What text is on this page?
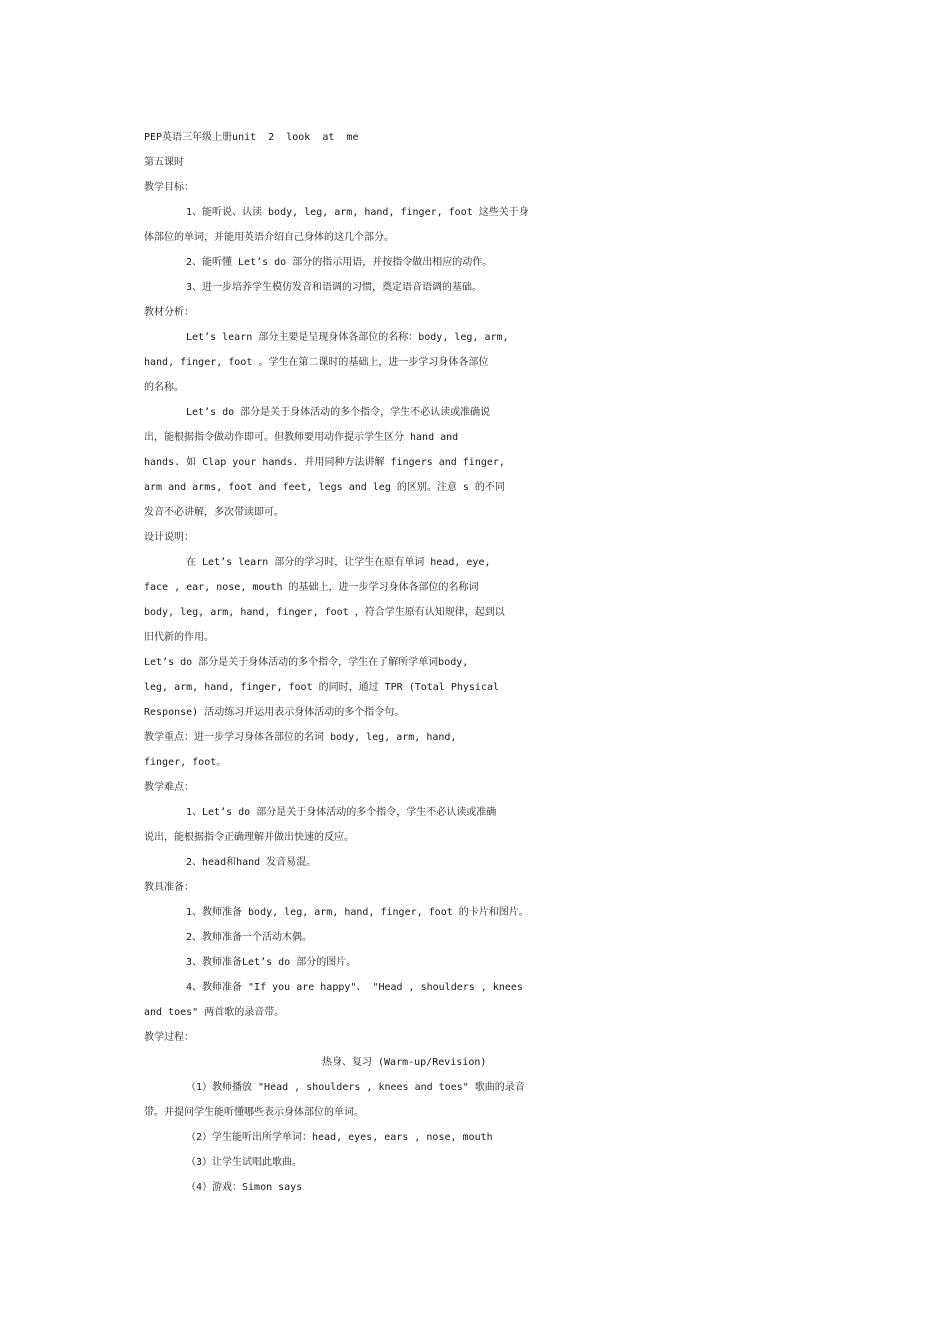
PEP英语三年级上册unit  2  look  at  me
第五课时
教学目标：
1、能听说、认读 body, leg, arm, hand, finger, foot 这些关于身
体部位的单词，并能用英语介绍自己身体的这几个部分。
2、能听懂 Let’s do 部分的指示用语，并按指令做出相应的动作。
3、进一步培养学生模仿发音和语调的习惯，奠定语音语调的基础。
教材分析：
Let’s learn 部分主要是呈现身体各部位的名称：body, leg, arm,
hand, finger, foot 。学生在第二课时的基础上，进一步学习身体各部位
的名称。
Let’s do 部分是关于身体活动的多个指令，学生不必认读或准确说
出，能根据指令做动作即可。但教师要用动作提示学生区分 hand and
hands. 如 Clap your hands. 并用同种方法讲解 fingers and finger,
arm and arms, foot and feet, legs and leg 的区别。注意 s 的不同
发音不必讲解，多次带读即可。
设计说明：
在 Let’s learn 部分的学习时，让学生在原有单词 head, eye,
face , ear, nose, mouth 的基础上，进一步学习身体各部位的名称词
body, leg, arm, hand, finger, foot ，符合学生原有认知规律，起到以
旧代新的作用。
Let’s do 部分是关于身体活动的多个指令，学生在了解所学单词body,
leg, arm, hand, finger, foot 的同时，通过 TPR (Total Physical
Response) 活动练习并运用表示身体活动的多个指令句。
教学重点：进一步学习身体各部位的名词 body, leg, arm, hand,
finger, foot。
教学难点：
1、Let’s do 部分是关于身体活动的多个指令，学生不必认读或准确
说出，能根据指令正确理解并做出快速的反应。
2、head和hand 发音易混。
教具准备：
1、教师准备 body, leg, arm, hand, finger, foot 的卡片和图片。
2、教师准备一个活动木偶。
3、教师准备Let’s do 部分的图片。
4、教师准备 "If you are happy"、 "Head , shoulders , knees
and toes" 两首歌的录音带。
教学过程：
热身、复习 (Warm-up/Revision)
（1）教师播放 "Head , shoulders , knees and toes" 歌曲的录音
带。并提问学生能听懂哪些表示身体部位的单词。
（2）学生能听出所学单词：head, eyes, ears , nose, mouth
（3）让学生试唱此歌曲。
（4）游戏：Simon says
